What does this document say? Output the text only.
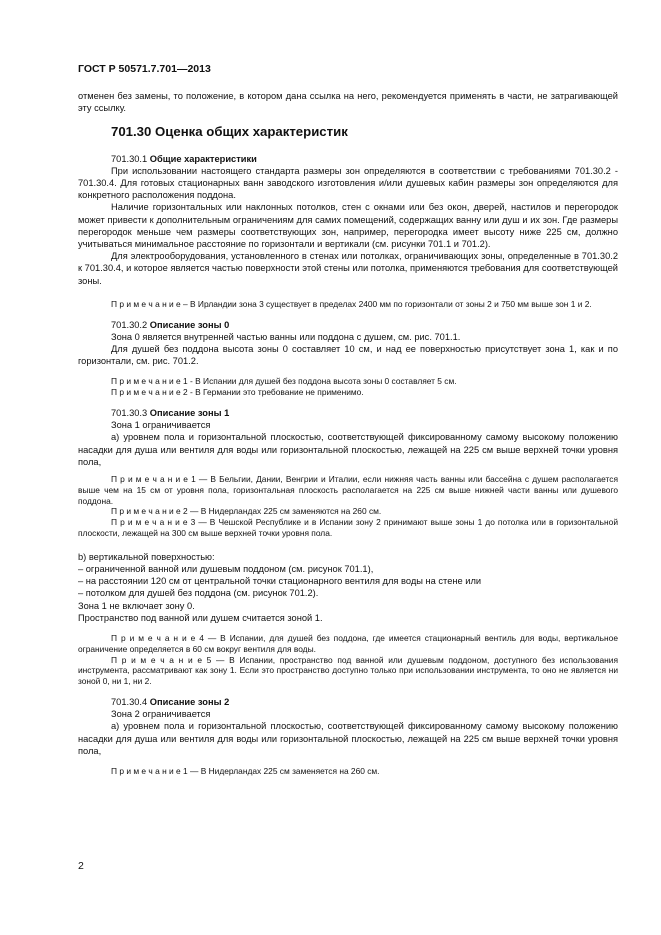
ГОСТ Р 50571.7.701—2013

отменен без замены, то положение, в котором дана ссылка на него, рекомендуется применять в части, не затрагивающей эту ссылку.

701.30 Оценка общих характеристик

701.30.1 Общие характеристики

При использовании настоящего стандарта размеры зон определяются в соответствии с требованиями 701.30.2 - 701.30.4. Для готовых стационарных ванн заводского изготовления и/или душевых кабин размеры зон определяются для конкретного расположения поддона.

Наличие горизонтальных или наклонных потолков, стен с окнами или без окон, дверей, настилов и перегородок может привести к дополнительным ограничениям для самих помещений, содержащих ванну или душ и их зон. Где размеры перегородок меньше чем размеры соответствующих зон, например, перегородка имеет высоту ниже 225 см, должно учитываться минимальное расстояние по горизонтали и вертикали (см. рисунки 701.1 и 701.2).

Для электрооборудования, установленного в стенах или потолках, ограничивающих зоны, определенные в 701.30.2 к 701.30.4, и которое является частью поверхности этой стены или потолка, применяются требования для соответствующей зоны.

П р и м е ч а н и е – В Ирландии зона 3 существует в пределах 2400 мм по горизонтали от зоны 2 и 750 мм выше зон 1 и 2.

701.30.2 Описание зоны 0

Зона 0 является внутренней частью ванны или поддона с душем, см. рис. 701.1.

Для душей без поддона высота зоны 0 составляет 10 см, и над ее поверхностью присутствует зона 1, как и по горизонтали, см. рис. 701.2.

П р и м е ч а н и е 1 - В Испании для душей без поддона высота зоны 0 составляет 5 см.

П р и м е ч а н и е 2 - В Германии это требование не применимо.

701.30.3 Описание зоны 1

Зона 1 ограничивается

а) уровнем пола и горизонтальной плоскостью, соответствующей фиксированному самому высокому положению насадки для душа или вентиля для воды или горизонтальной плоскостью, лежащей на 225 см выше верхней точки уровня пола,

П р и м е ч а н и е 1 — В Бельгии, Дании, Венгрии и Италии, если нижняя часть ванны или бассейна с душем располагается выше чем на 15 см от уровня пола, горизонтальная плоскость располагается на 225 см выше нижней части ванны или душевого поддона.

П р и м е ч а н и е 2 — В Нидерландах 225 см заменяются на 260 см.

П р и м е ч а н и е 3 — В Чешской Республике и в Испании зону 2 принимают выше зоны 1 до потолка или в горизонтальной плоскости, лежащей на 300 см выше верхней точки уровня пола.

b) вертикальной поверхностью:

– ограниченной ванной или душевым поддоном (см. рисунок 701.1),

– на расстоянии 120 см от центральной точки стационарного вентиля для воды на стене или

– потолком для душей без поддона (см. рисунок 701.2).

Зона 1 не включает зону 0.

Пространство под ванной или душем считается зоной 1.

П р и м е ч а н и е 4 — В Испании, для душей без поддона, где имеется стационарный вентиль для воды, вертикальное ограничение определяется в 60 см вокруг вентиля для воды.

П р и м е ч а н и е 5 — В Испании, пространство под ванной или душевым поддоном, доступного без использования инструмента, рассматривают как зону 1. Если это пространство доступно только при использовании инструмента, то оно не является ни зоной 0, ни 1, ни 2.

701.30.4 Описание зоны 2

Зона 2 ограничивается

а) уровнем пола и горизонтальной плоскостью, соответствующей фиксированному самому высокому положению насадки для душа или вентиля для воды или горизонтальной плоскостью, лежащей на 225 см выше верхней точки уровня пола,

П р и м е ч а н и е 1 — В Нидерландах 225 см заменяется на 260 см.

2
